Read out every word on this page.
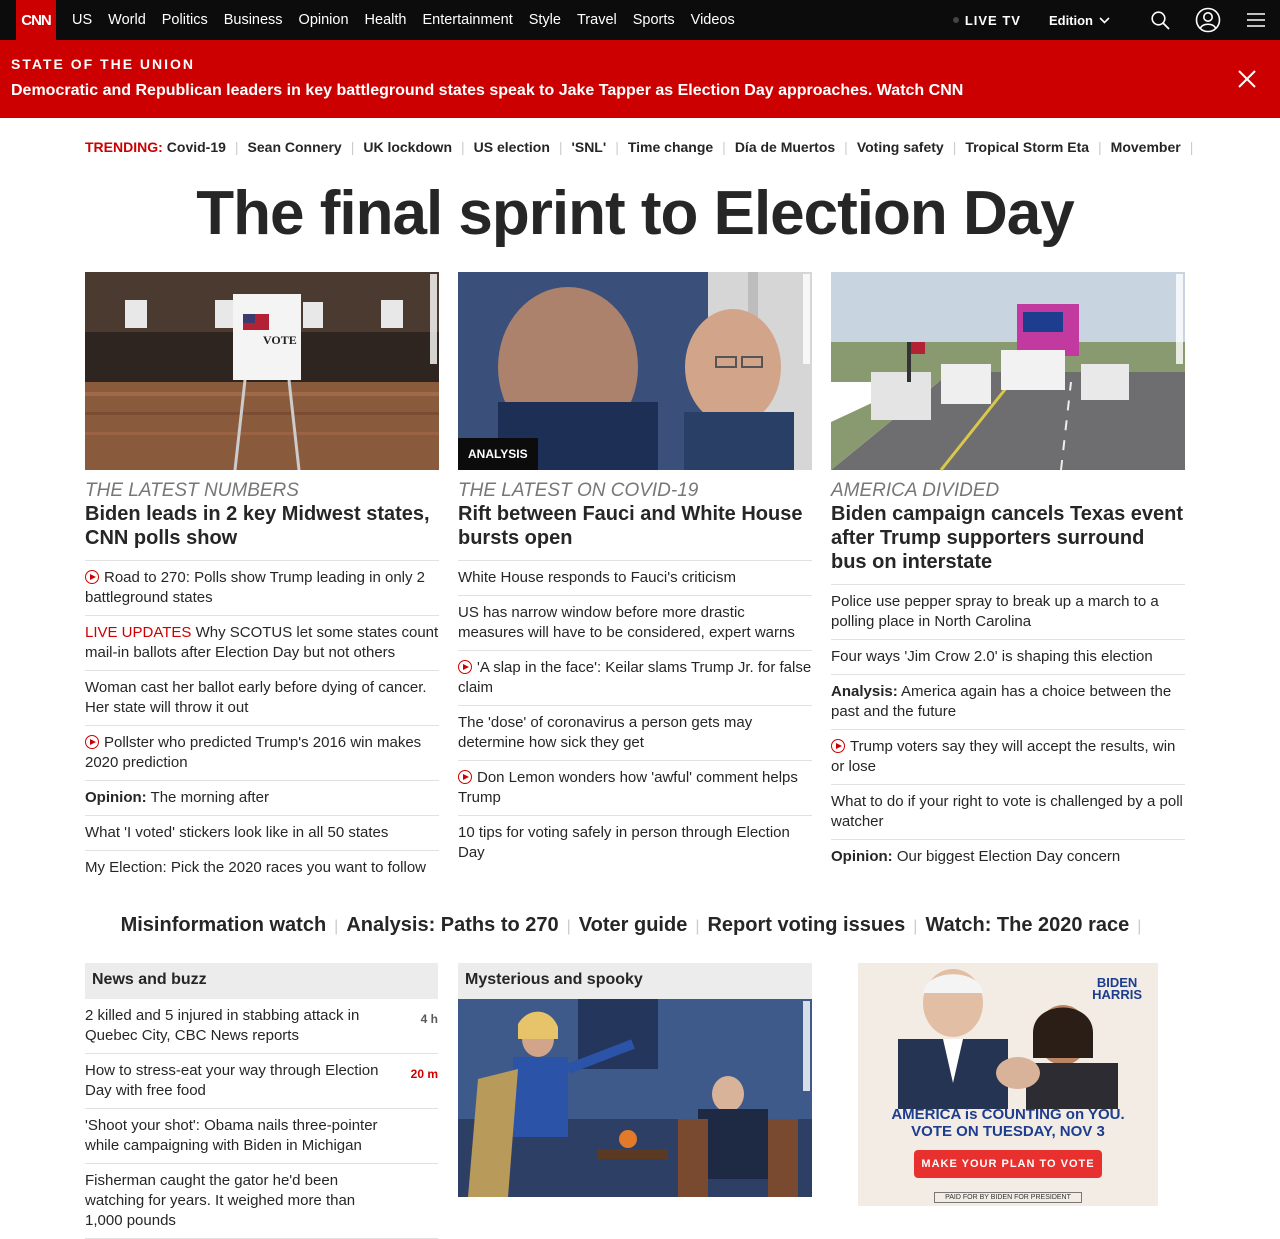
CNN	US	World	Politics	Business	Opinion	Health	Entertainment	Style	Travel	Sports	Videos	LIVE TV Edition
STATE OF THE UNION
Democratic and Republican leaders in key battleground states speak to Jake Tapper as Election Day approaches. Watch CNN
TRENDING: Covid-19 | Sean Connery | UK lockdown | US election | 'SNL' | Time change | Día de Muertos | Voting safety | Tropical Storm Eta | Movember |
The final sprint to Election Day
VOTE
THE LATEST NUMBERS
Biden leads in 2 key Midwest states, CNN polls show
Road to 270: Polls show Trump leading in only 2 battleground states
LIVE UPDATES Why SCOTUS let some states count mail-in ballots after Election Day but not others
Woman cast her ballot early before dying of cancer. Her state will throw it out
Pollster who predicted Trump's 2016 win makes 2020 prediction
Opinion: The morning after
What 'I voted' stickers look like in all 50 states
My Election: Pick the 2020 races you want to follow
ANALYSIS
THE LATEST ON COVID-19
Rift between Fauci and White House bursts open
White House responds to Fauci's criticism
US has narrow window before more drastic measures will have to be considered, expert warns
'A slap in the face': Keilar slams Trump Jr. for false claim
The 'dose' of coronavirus a person gets may determine how sick they get
Don Lemon wonders how 'awful' comment helps Trump
10 tips for voting safely in person through Election Day
AMERICA DIVIDED
Biden campaign cancels Texas event after Trump supporters surround bus on interstate
Police use pepper spray to break up a march to a polling place in North Carolina
Four ways 'Jim Crow 2.0' is shaping this election
Analysis: America again has a choice between the past and the future
Trump voters say they will accept the results, win or lose
What to do if your right to vote is challenged by a poll watcher
Opinion: Our biggest Election Day concern
Misinformation watch | Analysis: Paths to 270 | Voter guide | Report voting issues | Watch: The 2020 race |
News and buzz
2 killed and 5 injured in stabbing attack in Quebec City, CBC News reports
4 h
How to stress-eat your way through Election Day with free food
20 m
'Shoot your shot': Obama nails three-pointer while campaigning with Biden in Michigan
Fisherman caught the gator he'd been watching for years. It weighed more than 1,000 pounds
Mysterious and spooky	BIDEN
HARRIS
AMERICA is COUNTING on YOU.
VOTE ON TUESDAY, NOV 3
MAKE YOUR PLAN TO VOTE
PAID FOR BY BIDEN FOR PRESIDENT
